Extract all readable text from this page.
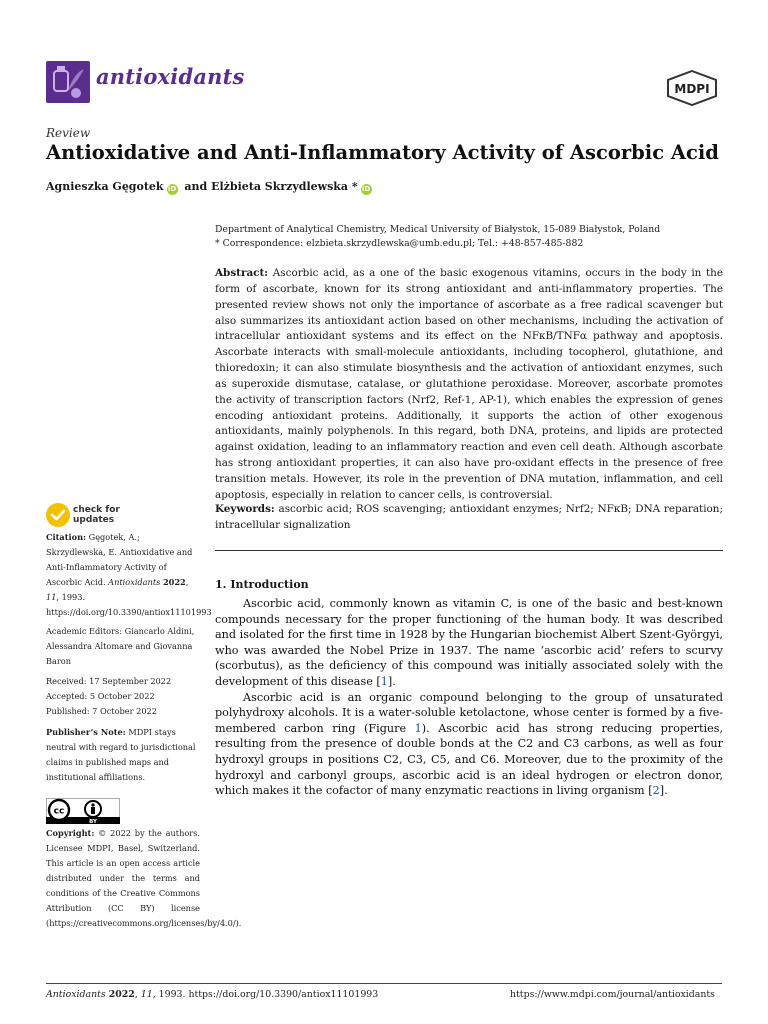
antioxidants	MDPI
Review
Antioxidative and Anti-Inflammatory Activity of Ascorbic Acid
Agnieszka Gęgotek iD and Elżbieta Skrzydlewska * iD
Department of Analytical Chemistry, Medical University of Białystok, 15-089 Białystok, Poland
* Correspondence: elzbieta.skrzydlewska@umb.edu.pl; Tel.: +48-857-485-882
Abstract: Ascorbic acid, as a one of the basic exogenous vitamins, occurs in the body in the form of ascorbate, known for its strong antioxidant and anti-inflammatory properties. The presented review shows not only the importance of ascorbate as a free radical scavenger but also summarizes its antioxidant action based on other mechanisms, including the activation of intracellular antioxidant systems and its effect on the NFκB/TNFα pathway and apoptosis. Ascorbate interacts with small-molecule antioxidants, including tocopherol, glutathione, and thioredoxin; it can also stimulate biosynthesis and the activation of antioxidant enzymes, such as superoxide dismutase, catalase, or glutathione peroxidase. Moreover, ascorbate promotes the activity of transcription factors (Nrf2, Ref-1, AP-1), which enables the expression of genes encoding antioxidant proteins. Additionally, it supports the action of other exogenous antioxidants, mainly polyphenols. In this regard, both DNA, proteins, and lipids are protected against oxidation, leading to an inflammatory reaction and even cell death. Although ascorbate has strong antioxidant properties, it can also have pro-oxidant effects in the presence of free transition metals. However, its role in the prevention of DNA mutation, inflammation, and cell apoptosis, especially in relation to cancer cells, is controversial.
Keywords: ascorbic acid; ROS scavenging; antioxidant enzymes; Nrf2; NFκB; DNA reparation; intracellular signalization
1. Introduction

Ascorbic acid, commonly known as vitamin C, is one of the basic and best-known compounds necessary for the proper functioning of the human body. It was described and isolated for the first time in 1928 by the Hungarian biochemist Albert Szent-Györgyi, who was awarded the Nobel Prize in 1937. The name ‘ascorbic acid’ refers to scurvy (scorbutus), as the deficiency of this compound was initially associated solely with the development of this disease [1].

Ascorbic acid is an organic compound belonging to the group of unsaturated polyhydroxy alcohols. It is a water-soluble ketolactone, whose center is formed by a five-membered carbon ring (Figure 1). Ascorbic acid has strong reducing properties, resulting from the presence of double bonds at the C2 and C3 carbons, as well as four hydroxyl groups in positions C2, C3, C5, and C6. Moreover, due to the proximity of the hydroxyl and carbonyl groups, ascorbic acid is an ideal hydrogen or electron donor, which makes it the cofactor of many enzymatic reactions in living organism [2].

check for
updates
Citation: Gęgotek, A.; Skrzydlewska, E. Antioxidative and Anti-Inflammatory Activity of Ascorbic Acid. Antioxidants 2022, 11, 1993. https://doi.org/10.3390/antiox11101993
Academic Editors: Giancarlo Aldini, Alessandra Altomare and Giovanna Baron
Received: 17 September 2022
Accepted: 5 October 2022
Published: 7 October 2022
Publisher’s Note: MDPI stays neutral with regard to jurisdictional claims in published maps and institutional affiliations.
cc
BY
Copyright: © 2022 by the authors. Licensee MDPI, Basel, Switzerland. This article is an open access article distributed under the terms and conditions of the Creative Commons Attribution (CC BY) license (https://creativecommons.org/licenses/by/4.0/).
Antioxidants 2022, 11, 1993. https://doi.org/10.3390/antiox11101993	https://www.mdpi.com/journal/antioxidants
